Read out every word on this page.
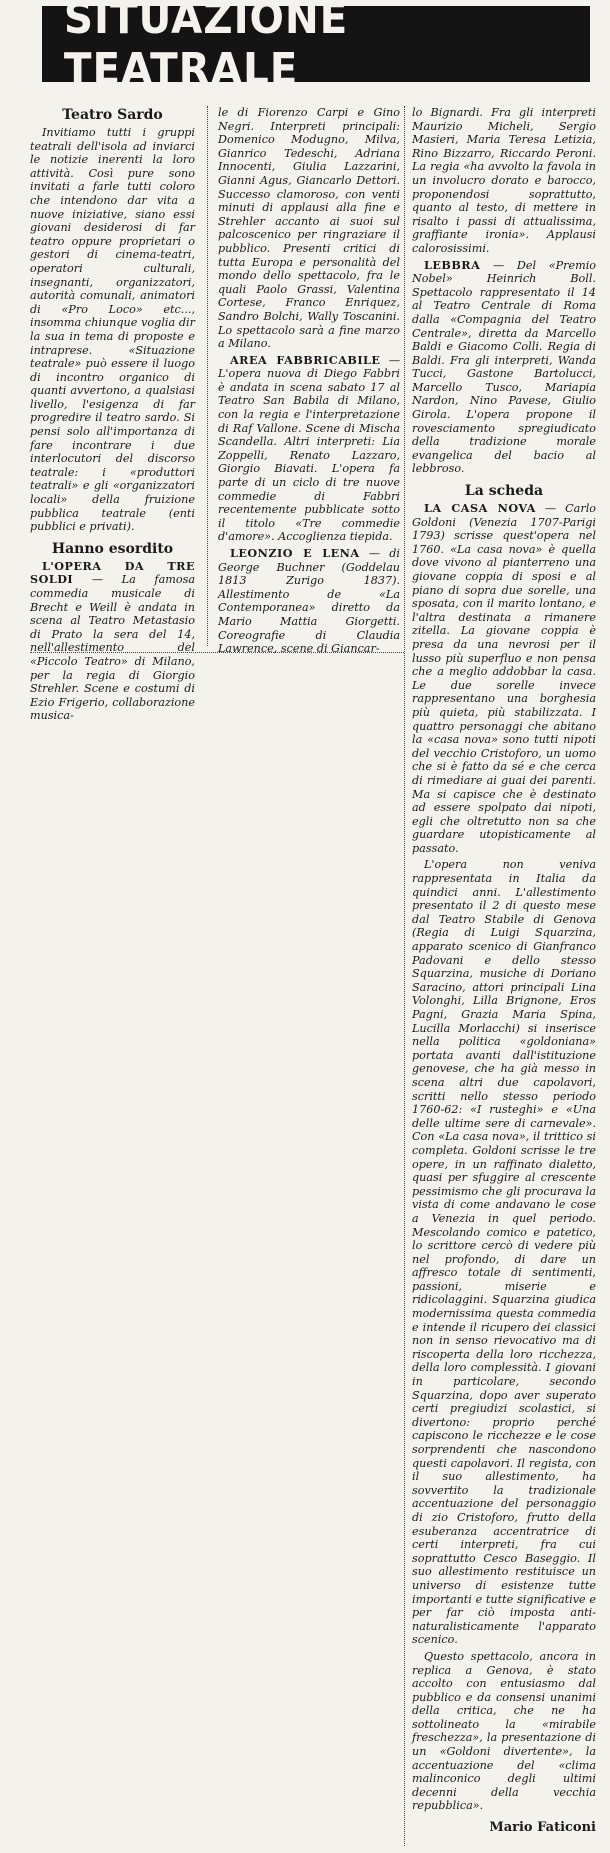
SITUAZIONE TEATRALE
Teatro Sardo

Invitiamo tutti i gruppi teatrali dell'isola ad inviarci le notizie inerenti la loro attività. Così pure sono invitati a farle tutti coloro che intendono dar vita a nuove iniziative, siano essi giovani desiderosi di far teatro oppure proprietari o gestori di cinema-teatri, operatori culturali, insegnanti, organizzatori, autorità comunali, animatori di «Pro Loco» etc..., insomma chiunque voglia dir la sua in tema di proposte e intraprese. «Situazione teatrale» può essere il luogo di incontro organico di quanti avvertono, a qualsiasi livello, l'esigenza di far progredire il teatro sardo. Si pensi solo all'importanza di fare incontrare i due interlocutori del discorso teatrale: i «produttori teatrali» e gli «organizzatori locali» della fruizione pubblica teatrale (enti pubblici e privati).

Hanno esordito

L'OPERA DA TRE SOLDI — La famosa commedia musicale di Brecht e Weill è andata in scena al Teatro Metastasio di Prato la sera del 14, nell'allestimento del «Piccolo Teatro» di Milano, per la regia di Giorgio Strehler. Scene e costumi di Ezio Frigerio, collaborazione musica-

le di Fiorenzo Carpi e Gino Negri. Interpreti principali: Domenico Modugno, Milva, Gianrico Tedeschi, Adriana Innocenti, Giulia Lazzarini, Gianni Agus, Giancarlo Dettori. Successo clamoroso, con venti minuti di applausi alla fine e Strehler accanto ai suoi sul palcoscenico per ringraziare il pubblico. Presenti critici di tutta Europa e personalità del mondo dello spettacolo, fra le quali Paolo Grassi, Valentina Cortese, Franco Enriquez, Sandro Bolchi, Wally Toscanini. Lo spettacolo sarà a fine marzo a Milano.

AREA FABBRICABILE — L'opera nuova di Diego Fabbri è andata in scena sabato 17 al Teatro San Babila di Milano, con la regia e l'interpretazione di Raf Vallone. Scene di Mischa Scandella. Altri interpreti: Lia Zoppelli, Renato Lazzaro, Giorgio Biavati. L'opera fa parte di un ciclo di tre nuove commedie di Fabbri recentemente pubblicate sotto il titolo «Tre commedie d'amore». Accoglienza tiepida.

LEONZIO E LENA — di George Buchner (Goddelau 1813 Zurigo 1837). Allestimento de «La Contemporanea» diretto da Mario Mattia Giorgetti. Coreografie di Claudia Lawrence, scene di Giancar-

lo Bignardi. Fra gli interpreti Maurizio Micheli, Sergio Masieri, Maria Teresa Letizia, Rino Bizzarro, Riccardo Peroni. La regia «ha avvolto la favola in un involucro dorato e barocco, proponendosi soprattutto, quanto al testo, di mettere in risalto i passi di attualissima, graffiante ironia». Applausi calorosissimi.

LEBBRA — Del «Premio Nobel» Heinrich Boll. Spettacolo rappresentato il 14 al Teatro Centrale di Roma dalla «Compagnia del Teatro Centrale», diretta da Marcello Baldi e Giacomo Colli. Regia di Baldi. Fra gli interpreti, Wanda Tucci, Gastone Bartolucci, Marcello Tusco, Mariapia Nardon, Nino Pavese, Giulio Girola. L'opera propone il rovesciamento spregiudicato della tradizione morale evangelica del bacio al lebbroso.

La scheda

LA CASA NOVA — Carlo Goldoni (Venezia 1707-Parigi 1793) scrisse quest'opera nel 1760. «La casa nova» è quella dove vivono al pianterreno una giovane coppia di sposi e al piano di sopra due sorelle, una sposata, con il marito lontano, e l'altra destinata a rimanere zitella. La giovane coppia è presa da una nevrosi per il lusso più superfluo e non pensa che a meglio addobbar la casa. Le due sorelle invece rappresentano una borghesia più quieta, più stabilizzata. I quattro personaggi che abitano la «casa nova» sono tutti nipoti del vecchio Cristoforo, un uomo che si è fatto da sé e che cerca di rimediare ai guai dei parenti. Ma si capisce che è destinato ad essere spolpato dai nipoti, egli che oltretutto non sa che guardare utopisticamente al passato.

L'opera non veniva rappresentata in Italia da quindici anni. L'allestimento presentato il 2 di questo mese dal Teatro Stabile di Genova (Regia di Luigi Squarzina, apparato scenico di Gianfranco Padovani e dello stesso Squarzina, musiche di Doriano Saracino, attori principali Lina Volonghi, Lilla Brignone, Eros Pagni, Grazia Maria Spina, Lucilla Morlacchi) si inserisce nella politica «goldoniana» portata avanti dall'istituzione genovese, che ha già messo in scena altri due capolavori, scritti nello stesso periodo 1760-62: «I rusteghi» e «Una delle ultime sere di carnevale». Con «La casa nova», il trittico si completa. Goldoni scrisse le tre opere, in un raffinato dialetto, quasi per sfuggire al crescente pessimismo che gli procurava la vista di come andavano le cose a Venezia in quel periodo. Mescolando comico e patetico, lo scrittore cercò di vedere più nel profondo, di dare un affresco totale di sentimenti, passioni, miserie e ridicolaggini. Squarzina giudica modernissima questa commedia e intende il ricupero dei classici non in senso rievocativo ma di riscoperta della loro ricchezza, della loro complessità. I giovani in particolare, secondo Squarzina, dopo aver superato certi pregiudizi scolastici, si divertono: proprio perché capiscono le ricchezze e le cose sorprendenti che nascondono questi capolavori. Il regista, con il suo allestimento, ha sovvertito la tradizionale accentuazione del personaggio di zio Cristoforo, frutto della esuberanza accentratrice di certi interpreti, fra cui soprattutto Cesco Baseggio. Il suo allestimento restituisce un universo di esistenze tutte importanti e tutte significative e per far ciò imposta anti-naturalisticamente l'apparato scenico.

Questo spettacolo, ancora in replica a Genova, è stato accolto con entusiasmo dal pubblico e da consensi unanimi della critica, che ne ha sottolineato la «mirabile freschezza», la presentazione di un «Goldoni divertente», la accentuazione del «clima malinconico degli ultimi decenni della vecchia repubblica».

Mario Faticoni
